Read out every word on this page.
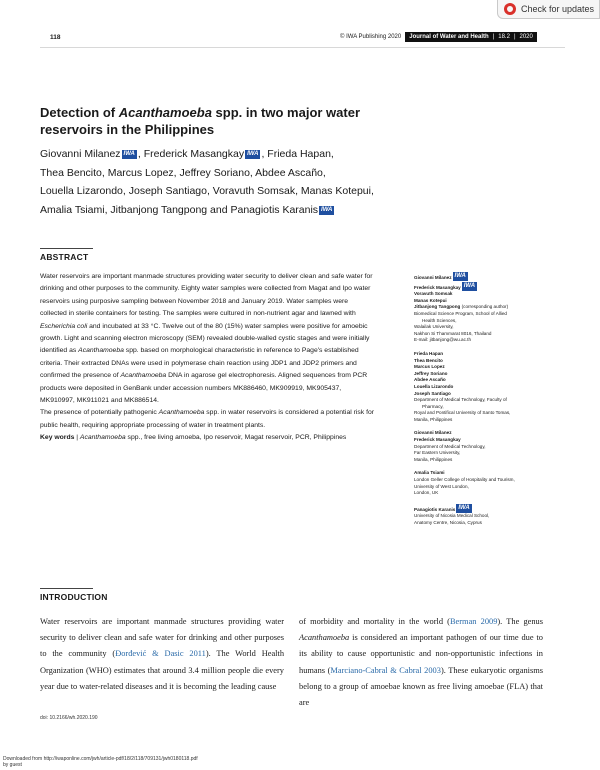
Check for updates
118	© IWA Publishing 2020 Journal of Water and Health | 18.2 | 2020
Detection of Acanthamoeba spp. in two major water
reservoirs in the Philippines
Giovanni Milanez IWA , Frederick Masangkay IWA , Frieda Hapan,
Thea Bencito, Marcus Lopez, Jeffrey Soriano, Abdee Ascaño,
Louella Lizarondo, Joseph Santiago, Voravuth Somsak, Manas Kotepui,
Amalia Tsiami, Jitbanjong Tangpong and Panagiotis Karanis IWA
ABSTRACT

Water reservoirs are important manmade structures providing water security to deliver clean and safe water for drinking and other purposes to the community. Eighty water samples were collected from Magat and Ipo water reservoirs using purposive sampling between November 2018 and January 2019. Water samples were collected in sterile containers for testing. The samples were cultured in non-nutrient agar and lawned with Escherichia coli and incubated at 33 °C. Twelve out of the 80 (15%) water samples were positive for amoebic growth. Light and scanning electron microscopy (SEM) revealed double-walled cystic stages and were initially identified as Acanthamoeba spp. based on morphological characteristic in reference to Page's established criteria. Their extracted DNAs were used in polymerase chain reaction using JDP1 and JDP2 primers and confirmed the presence of Acanthamoeba DNA in agarose gel electrophoresis. Aligned sequences from PCR products were deposited in GenBank under accession numbers MK886460, MK909919, MK905437, MK910997, MK911021 and MK886514.

The presence of potentially pathogenic Acanthamoeba spp. in water reservoirs is considered a potential risk for public health, requiring appropriate processing of water in treatment plants.

Key words | Acanthamoeba spp., free living amoeba, Ipo reservoir, Magat reservoir, PCR, Philippines

Giovanni Milanez IWA
Frederick Masangkay IWA
Voravuth Somsak
Manas Kotepui
Jitbanjong Tangpong (corresponding author)
Biomedical Science Program, School of Allied
Health Sciences,
Walailak University,
Nakhon Si Thammarat 8016, Thailand
E-mail: jitbanjong@wu.ac.th
Frieda Hapan
Thea Bencito
Marcus Lopez
Jeffrey Soriano
Abdee Ascaño
Louella Lizarondo
Joseph Santiago
Department of Medical Technology, Faculty of
Pharmacy,
Royal and Pontifical University of Santo Tomas,
Manila, Philippines
Giovanni Milanez
Frederick Masangkay
Department of Medical Technology,
Far Eastern University,
Manila, Philippines
Amalia Tsiami
London Geller College of Hospitality and Tourism,
University of West London,
London, UK
Panagiotis Karanis IWA
University of Nicosia Medical School,
Anatomy Centre, Nicosia, Cyprus
INTRODUCTION
Water reservoirs are important manmade structures providing water security to deliver clean and safe water for drinking and other purposes to the community (Đorđević & Dasic 2011). The World Health Organization (WHO) estimates that around 3.4 million people die every year due to water-related diseases and it is becoming the leading cause
of morbidity and mortality in the world (Berman 2009). The genus Acanthamoeba is considered an important pathogen of our time due to its ability to cause opportunistic and non-opportunistic infections in humans (Marciano-Cabral & Cabral 2003). These eukaryotic organisms belong to a group of amoebae known as free living amoebae (FLA) that are
doi: 10.2166/wh.2020.190
Downloaded from http://iwaponline.com/jwh/article-pdf/18/2/118/709131/jwh0180118.pdf
by guest
